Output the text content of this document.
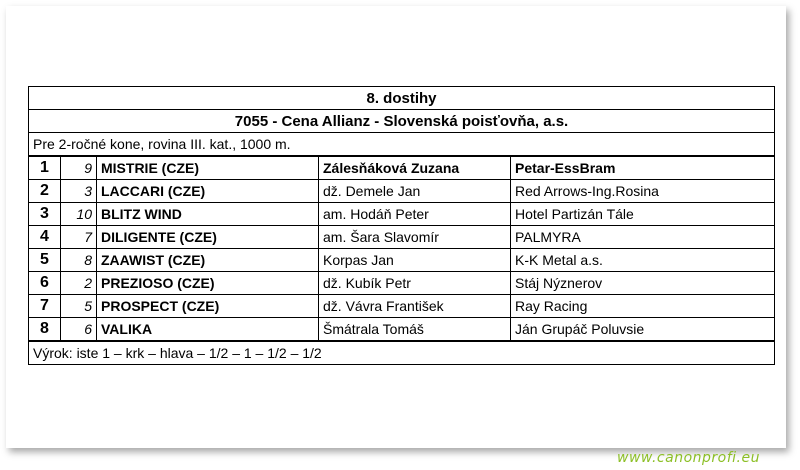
8. dostihy				
7055 - Cena Allianz - Slovenská poisťovňa, a.s.				
Pre 2-ročné kone, rovina III. kat., 1000 m.				
1	9	MISTRIE (CZE)	Zálesňáková Zuzana	Petar-EssBram
2	3	LACCARI (CZE)	dž. Demele Jan	Red Arrows-Ing.Rosina
3	10	BLITZ WIND	am. Hodáň Peter	Hotel Partizán Tále
4	7	DILIGENTE (CZE)	am. Šara Slavomír	PALMYRA
5	8	ZAAWIST (CZE)	Korpas Jan	K-K Metal a.s.
6	2	PREZIOSO (CZE)	dž. Kubík Petr	Stáj Nýznerov
7	5	PROSPECT (CZE)	dž. Vávra František	Ray Racing
8	6	VALIKA	Šmátrala Tomáš	Ján Grupáč Poluvsie
Výrok: iste 1 – krk – hlava – 1/2 – 1 – 1/2 – 1/2				
www.canonprofi.eu
